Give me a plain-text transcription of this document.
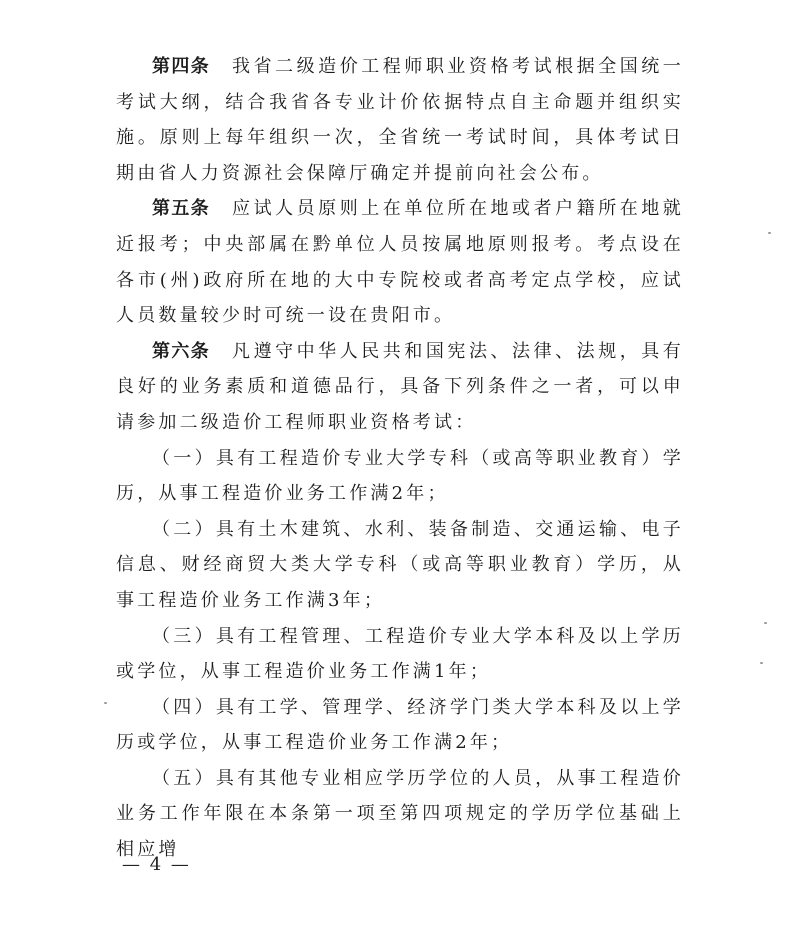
第四条 我省二级造价工程师职业资格考试根据全国统一考试大纲，结合我省各专业计价依据特点自主命题并组织实施。原则上每年组织一次，全省统一考试时间，具体考试日期由省人力资源社会保障厅确定并提前向社会公布。

第五条 应试人员原则上在单位所在地或者户籍所在地就近报考；中央部属在黔单位人员按属地原则报考。考点设在各市(州)政府所在地的大中专院校或者高考定点学校，应试人员数量较少时可统一设在贵阳市。

第六条 凡遵守中华人民共和国宪法、法律、法规，具有良好的业务素质和道德品行，具备下列条件之一者，可以申请参加二级造价工程师职业资格考试：

（一）具有工程造价专业大学专科（或高等职业教育）学历，从事工程造价业务工作满2年；

（二）具有土木建筑、水利、装备制造、交通运输、电子信息、财经商贸大类大学专科（或高等职业教育）学历，从事工程造价业务工作满3年；

（三）具有工程管理、工程造价专业大学本科及以上学历或学位，从事工程造价业务工作满1年；

（四）具有工学、管理学、经济学门类大学本科及以上学历或学位，从事工程造价业务工作满2年；

（五）具有其他专业相应学历学位的人员，从事工程造价业务工作年限在本条第一项至第四项规定的学历学位基础上相应增

— 4 —
